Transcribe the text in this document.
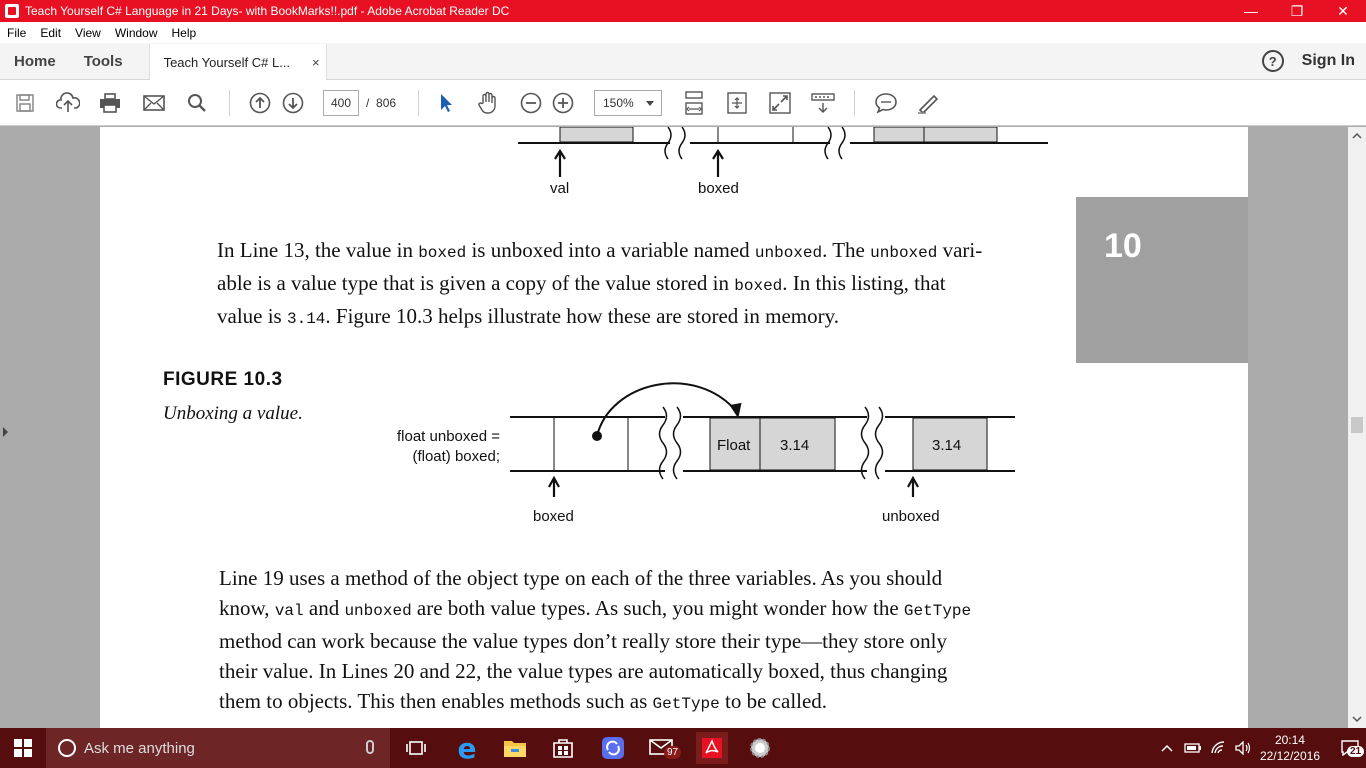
Teach Yourself C# Language in 21 Days- with BookMarks!!.pdf - Adobe Acrobat Reader DC	—	❐	✕
File Edit View Window Help
Home	Tools	Teach Yourself C# L... ×	?	Sign In
400	/ 806	150%
val	boxed
10
In Line 13, the value in boxed is unboxed into a variable named unboxed. The unboxed vari-
able is a value type that is given a copy of the value stored in boxed. In this listing, that
value is 3.14. Figure 10.3 helps illustrate how these are stored in memory.
FIGURE 10.3
Unboxing a value.
float unboxed =
(float) boxed;
Float 3.14	3.14
boxed	unboxed
Line 19 uses a method of the object type on each of the three variables. As you should
know, val and unboxed are both value types. As such, you might wonder how the GetType
method can work because the value types don’t really store their type—they store only
their value. In Lines 20 and 22, the value types are automatically boxed, thus changing
them to objects. This then enables methods such as GetType to be called.
Ask me anything	e	97
20:14
22/12/2016	21
